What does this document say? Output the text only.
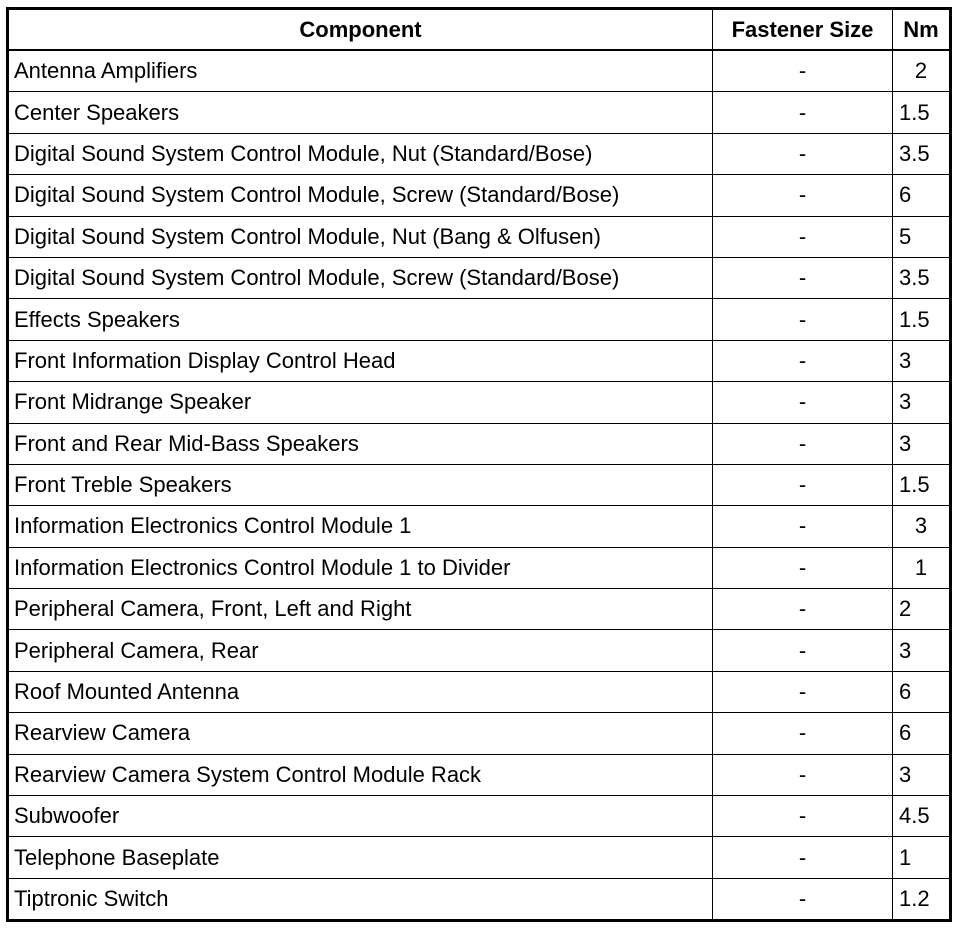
Component	Fastener Size	Nm
Antenna Amplifiers	-	2
Center Speakers	-	1.5
Digital Sound System Control Module, Nut (Standard/Bose)	-	3.5
Digital Sound System Control Module, Screw (Standard/Bose)	-	6
Digital Sound System Control Module, Nut (Bang & Olfusen)	-	5
Digital Sound System Control Module, Screw (Standard/Bose)	-	3.5
Effects Speakers	-	1.5
Front Information Display Control Head	-	3
Front Midrange Speaker	-	3
Front and Rear Mid-Bass Speakers	-	3
Front Treble Speakers	-	1.5
Information Electronics Control Module 1	-	3
Information Electronics Control Module 1 to Divider	-	1
Peripheral Camera, Front, Left and Right	-	2
Peripheral Camera, Rear	-	3
Roof Mounted Antenna	-	6
Rearview Camera	-	6
Rearview Camera System Control Module Rack	-	3
Subwoofer	-	4.5
Telephone Baseplate	-	1
Tiptronic Switch	-	1.2
